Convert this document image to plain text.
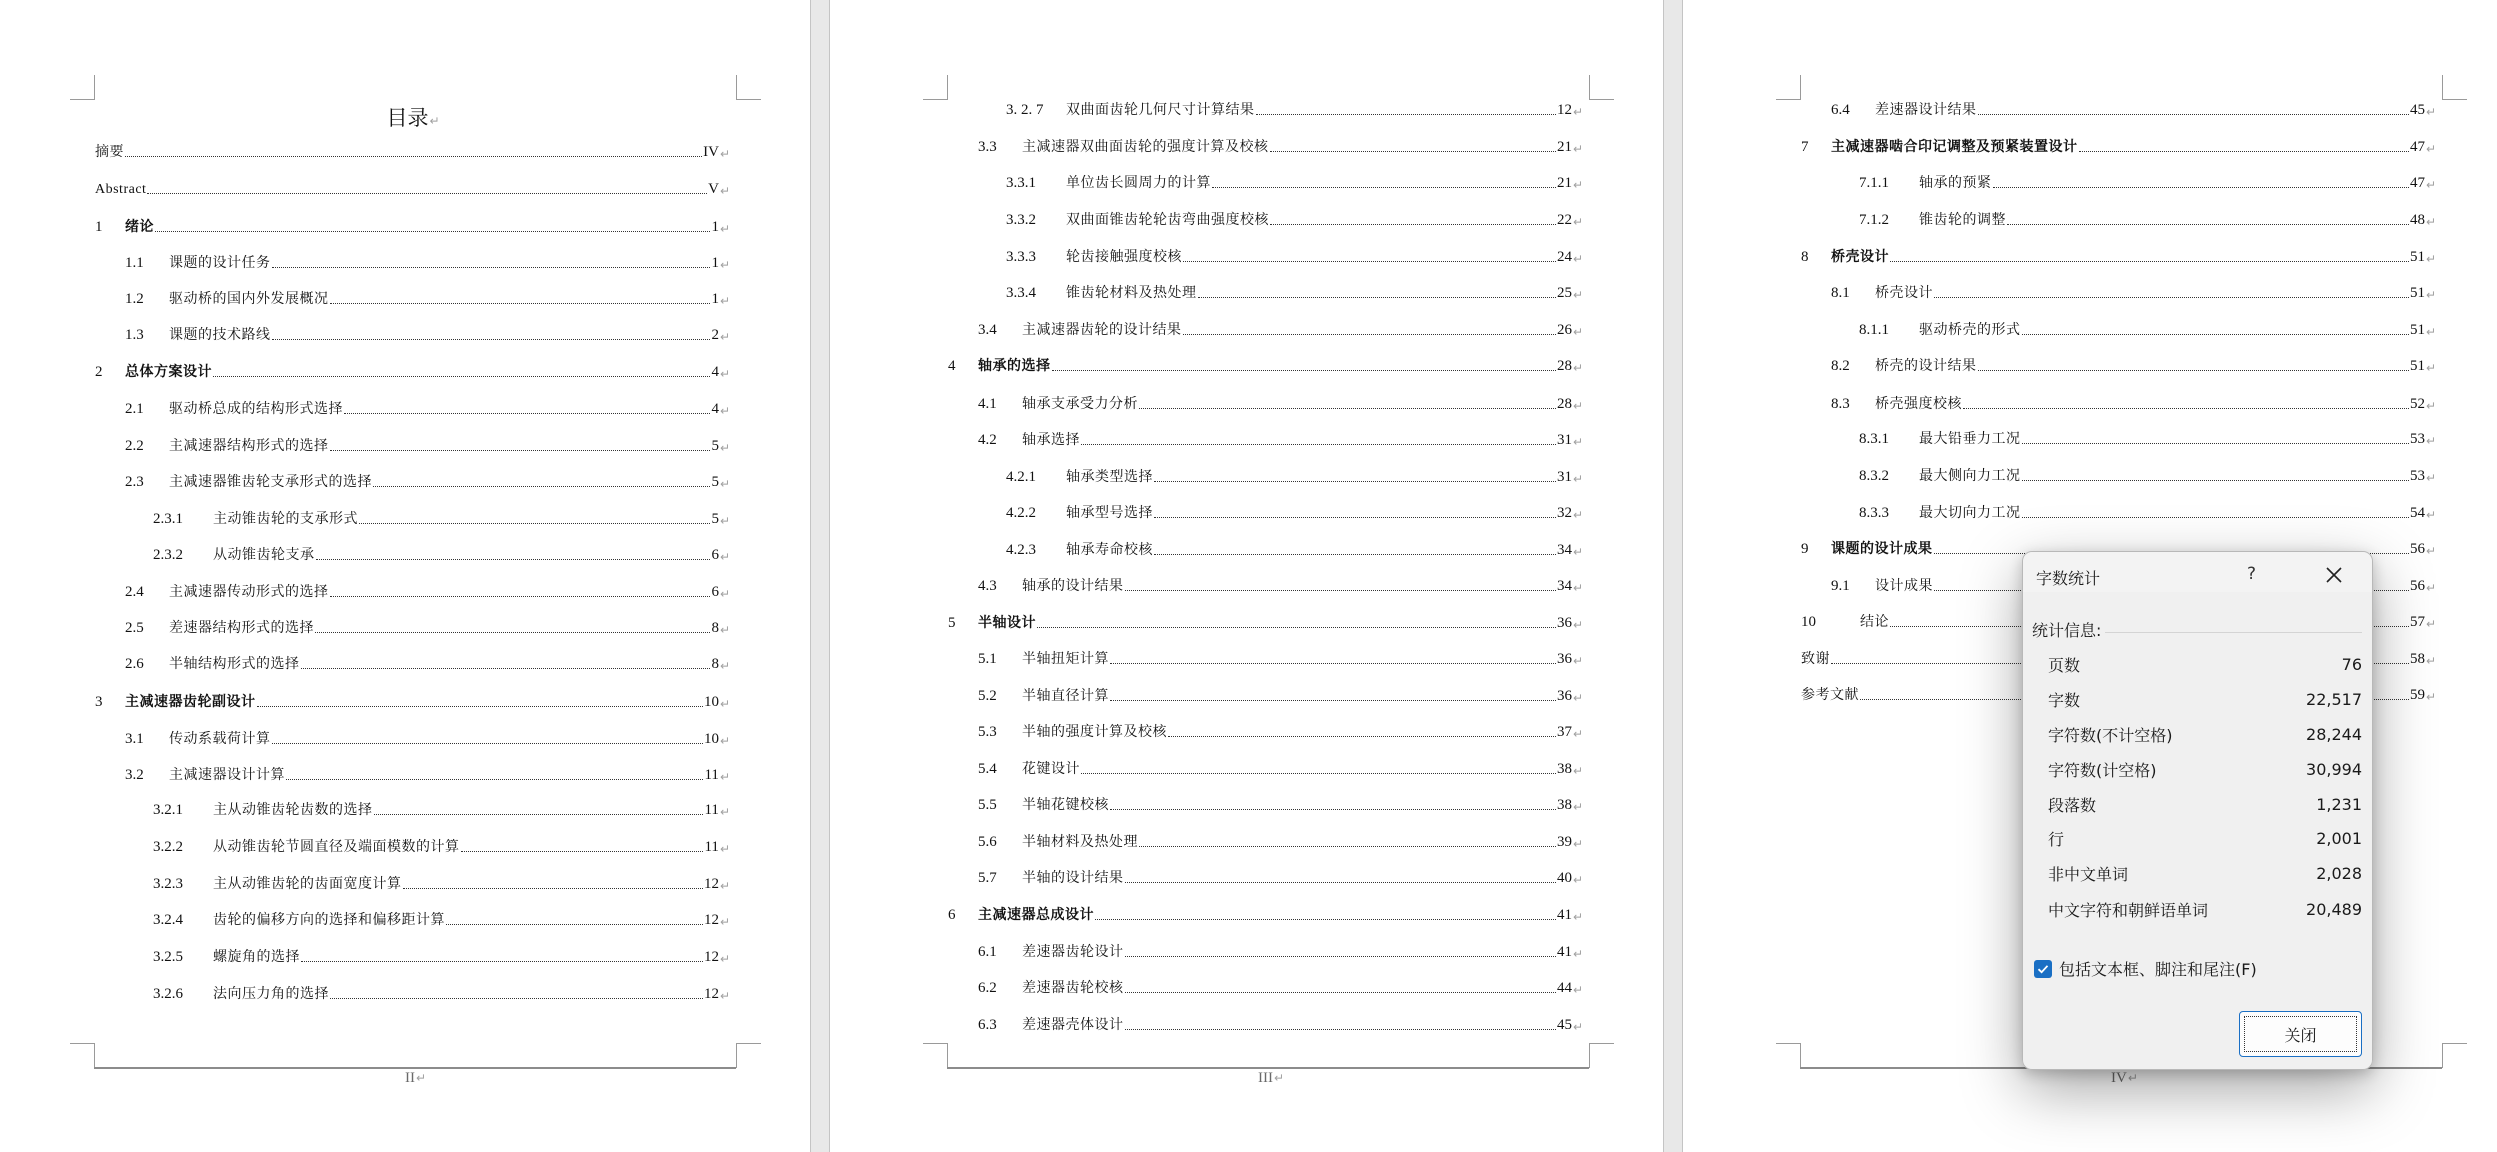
II↵
目录↵
摘要	IV ↵
Abstract	V ↵
1 绪论	1 ↵
1.1 课题的设计任务	1 ↵
1.2 驱动桥的国内外发展概况	1 ↵
1.3 课题的技术路线	2 ↵
2 总体方案设计	4 ↵
2.1 驱动桥总成的结构形式选择	4 ↵
2.2 主减速器结构形式的选择	5 ↵
2.3 主减速器锥齿轮支承形式的选择	5 ↵
2.3.1 主动锥齿轮的支承形式	5 ↵
2.3.2 从动锥齿轮支承	6 ↵
2.4 主减速器传动形式的选择	6 ↵
2.5 差速器结构形式的选择	8 ↵
2.6 半轴结构形式的选择	8 ↵
3 主减速器齿轮副设计	10 ↵
3.1 传动系载荷计算	10 ↵
3.2 主减速器设计计算	11 ↵
3.2.1 主从动锥齿轮齿数的选择	11 ↵
3.2.2 从动锥齿轮节圆直径及端面模数的计算	11 ↵
3.2.3 主从动锥齿轮的齿面宽度计算	12 ↵
3.2.4 齿轮的偏移方向的选择和偏移距计算	12 ↵
3.2.5 螺旋角的选择	12 ↵
3.2.6 法向压力角的选择	12 ↵
III↵
3. 2. 7 双曲面齿轮几何尺寸计算结果	12 ↵
3.3 主减速器双曲面齿轮的强度计算及校核	21 ↵
3.3.1 单位齿长圆周力的计算	21 ↵
3.3.2 双曲面锥齿轮轮齿弯曲强度校核	22 ↵
3.3.3 轮齿接触强度校核	24 ↵
3.3.4 锥齿轮材料及热处理	25 ↵
3.4 主减速器齿轮的设计结果	26 ↵
4 轴承的选择	28 ↵
4.1 轴承支承受力分析	28 ↵
4.2 轴承选择	31 ↵
4.2.1 轴承类型选择	31 ↵
4.2.2 轴承型号选择	32 ↵
4.2.3 轴承寿命校核	34 ↵
4.3 轴承的设计结果	34 ↵
5 半轴设计	36 ↵
5.1 半轴扭矩计算	36 ↵
5.2 半轴直径计算	36 ↵
5.3 半轴的强度计算及校核	37 ↵
5.4 花键设计	38 ↵
5.5 半轴花键校核	38 ↵
5.6 半轴材料及热处理	39 ↵
5.7 半轴的设计结果	40 ↵
6 主减速器总成设计	41 ↵
6.1 差速器齿轮设计	41 ↵
6.2 差速器齿轮校核	44 ↵
6.3 差速器壳体设计	45 ↵
IV↵
6.4 差速器设计结果	45 ↵
7 主减速器啮合印记调整及预紧装置设计	47 ↵
7.1.1 轴承的预紧	47 ↵
7.1.2 锥齿轮的调整	48 ↵
8 桥壳设计	51 ↵
8.1 桥壳设计	51 ↵
8.1.1 驱动桥壳的形式	51 ↵
8.2 桥壳的设计结果	51 ↵
8.3 桥壳强度校核	52 ↵
8.3.1 最大铅垂力工况	53 ↵
8.3.2 最大侧向力工况	53 ↵
8.3.3 最大切向力工况	54 ↵
9 课题的设计成果	56 ↵
9.1 设计成果	56 ↵
10	结论	57 ↵
致谢	58 ↵
参考文献	59 ↵
字数统计	?
统计信息:
页数	76
字数	22,517
字符数(不计空格)	28,244
字符数(计空格)	30,994
段落数	1,231
行	2,001
非中文单词	2,028
中文字符和朝鲜语单词	20,489
包括文本框、脚注和尾注(F)
关闭
